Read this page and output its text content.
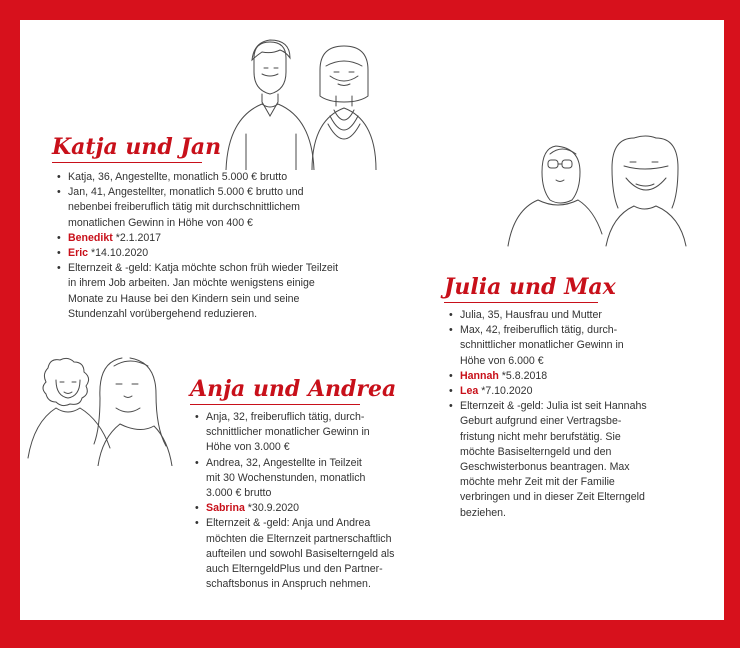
Katja und Jan
• Katja, 36, Angestellte, monatlich 5.000 € brutto
• Jan, 41, Angestellter, monatlich 5.000 € brutto und nebenbei freiberuflich tätig mit durchschnittlichem monatlichen Gewinn in Höhe von 400 €
• Benedikt *2.1.2017
• Eric *14.10.2020
• Elternzeit & -geld: Katja möchte schon früh wieder Teilzeit in ihrem Job arbeiten. Jan möchte wenigstens einige Monate zu Hause bei den Kindern sein und seine Stundenzahl vorübergehend reduzieren.
Julia und Max
• Julia, 35, Hausfrau und Mutter
• Max, 42, freiberuflich tätig, durch-
schnittlicher monatlicher Gewinn in
Höhe von 6.000 €
• Hannah *5.8.2018
• Lea *7.10.2020
• Elternzeit & -geld: Julia ist seit Hannahs
Geburt aufgrund einer Vertragsbe-
fristung nicht mehr berufstätig. Sie
möchte Basiselterngeld und den
Geschwisterbonus beantragen. Max
möchte mehr Zeit mit der Familie
verbringen und in dieser Zeit Elterngeld
beziehen.
Anja und Andrea
• Anja, 32, freiberuflich tätig, durch-
schnittlicher monatlicher Gewinn in
Höhe von 3.000 €
• Andrea, 32, Angestellte in Teilzeit
mit 30 Wochenstunden, monatlich
3.000 € brutto
• Sabrina *30.9.2020
• Elternzeit & -geld: Anja und Andrea
möchten die Elternzeit partnerschaftlich
aufteilen und sowohl Basiselterngeld als
auch ElterngeldPlus und den Partner-
schaftsbonus in Anspruch nehmen.
